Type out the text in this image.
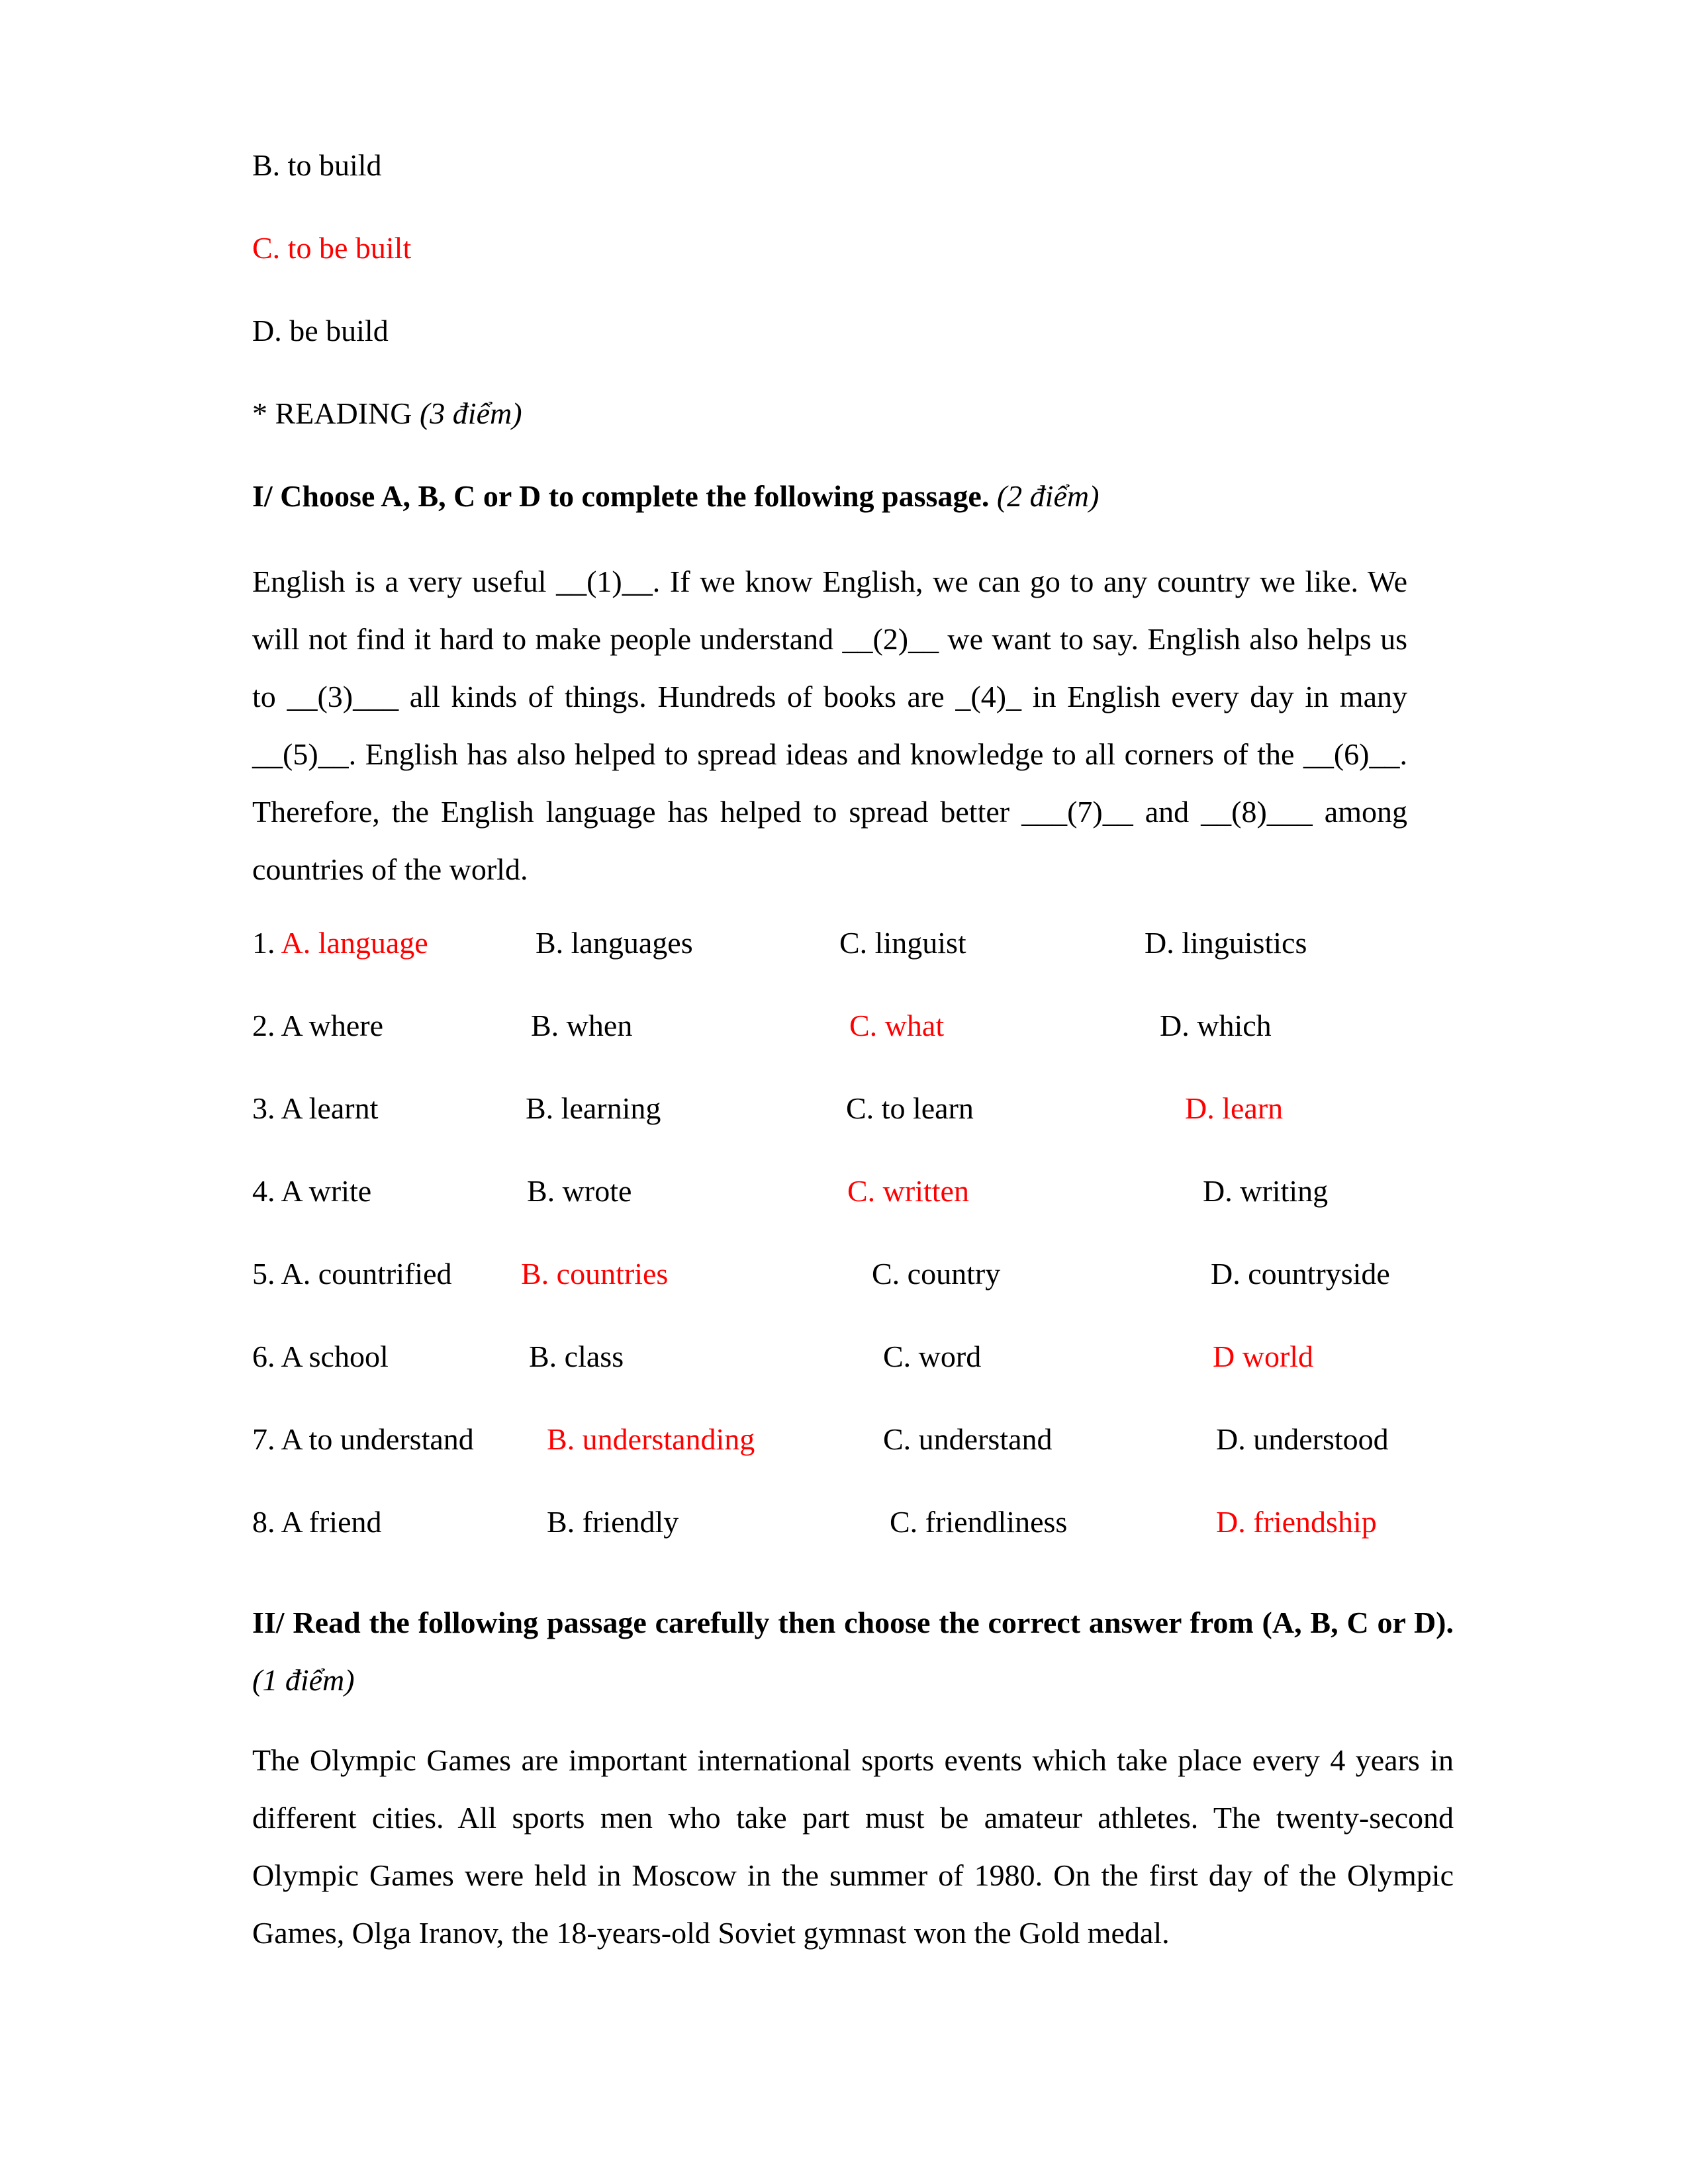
B. to build
C. to be built
D. be build
* READING (3 điểm)
I/ Choose A, B, C or D to complete the following passage. (2 điểm)
English is a very useful __(1)__. If we know English, we can go to any country we like. We will not find it hard to make people understand __(2)__ we want to say. English also helps us to __(3)___ all kinds of things. Hundreds of books are _(4)_ in English every day in many __(5)__. English has also helped to spread ideas and knowledge to all corners of the __(6)__. Therefore, the English language has helped to spread better ___(7)__ and __(8)___ among countries of the world.
1. A. language	B. languages	C. linguist	D. linguistics
2. A where	B. when	C. what	D. which
3. A learnt	B. learning	C. to learn	D. learn
4. A write	B. wrote	C. written	D. writing
5. A. countrified B. countries	C. country	D. countryside
6. A school	B. class	C. word	D world
7. A to understand B. understanding	C. understand	D. understood
8. A friend	B. friendly	C. friendliness	D. friendship
II/ Read the following passage carefully then choose the correct answer from (A, B, C or D). (1 điểm)
The Olympic Games are important international sports events which take place every 4 years in different cities. All sports men who take part must be amateur athletes. The twenty-second Olympic Games were held in Moscow in the summer of 1980. On the first day of the Olympic Games, Olga Iranov, the 18-years-old Soviet gymnast won the Gold medal.
